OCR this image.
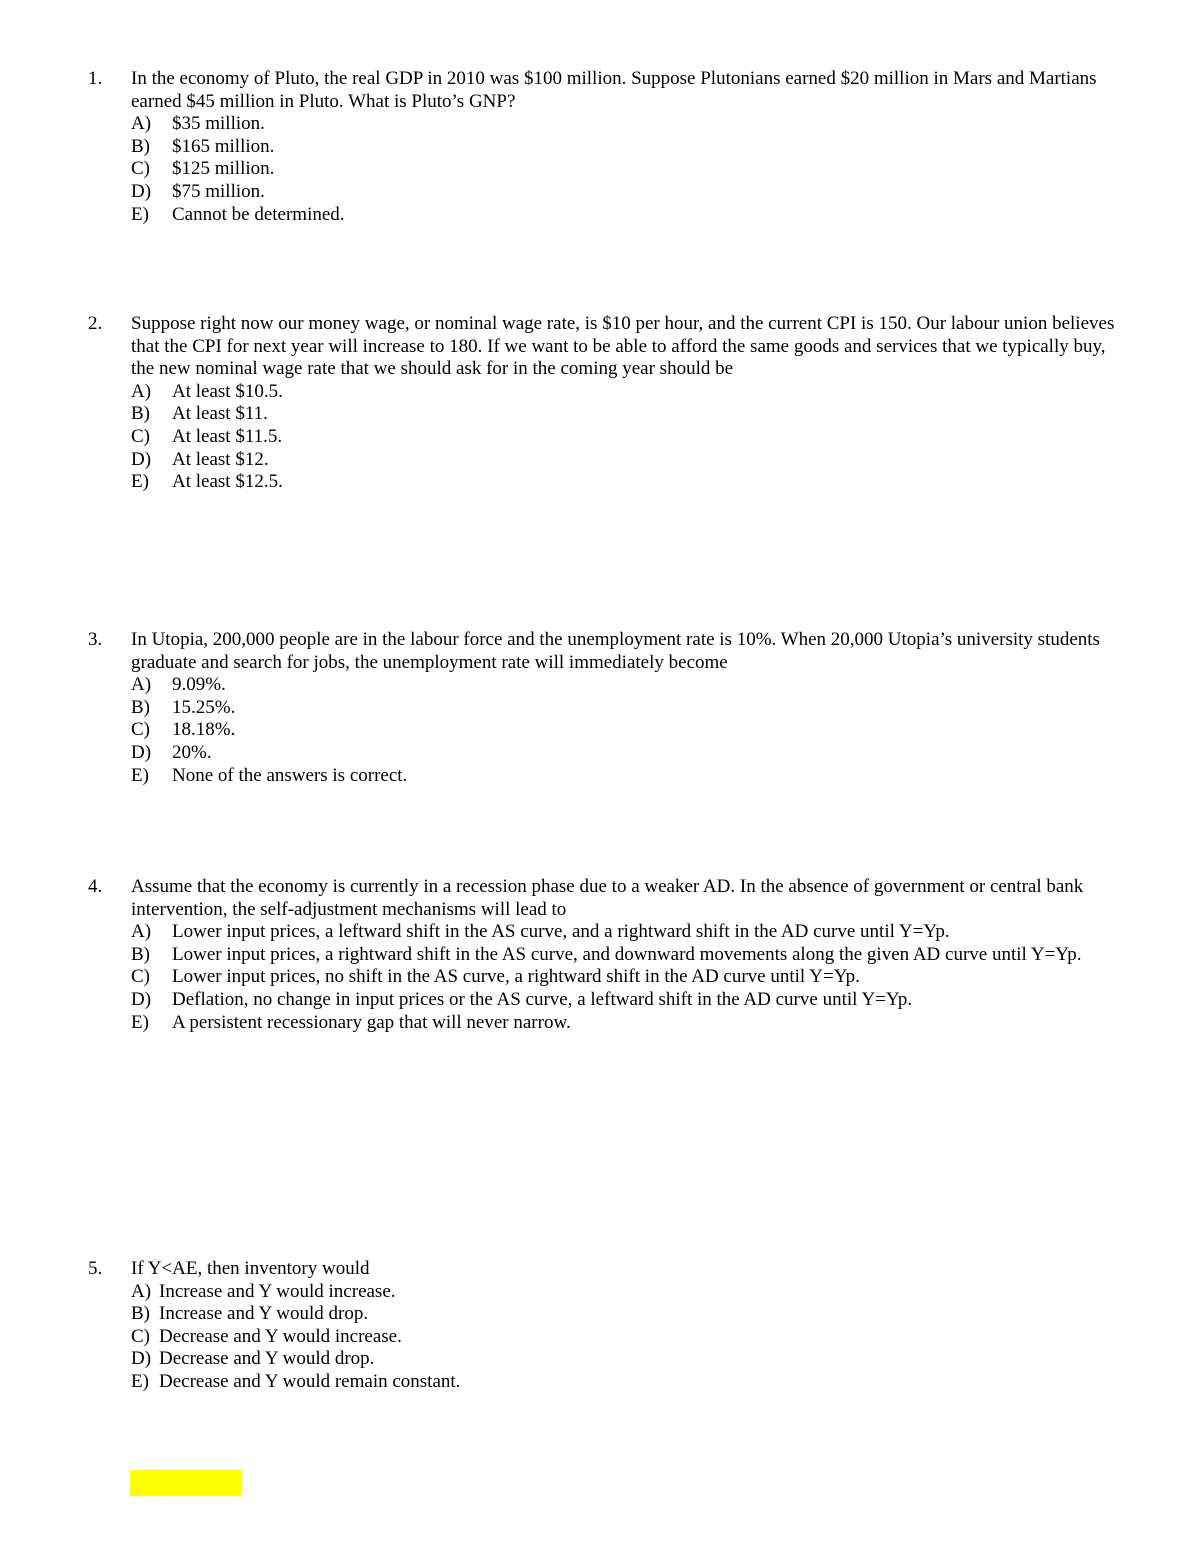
1.	In the economy of Pluto, the real GDP in 2010 was $100 million. Suppose Plutonians earned $20 million in Mars and Martians earned $45 million in Pluto. What is Pluto’s GNP?

A)	$35 million.
B)	$165 million.
C)	$125 million.
D)	$75 million.
E)	Cannot be determined.
2.	Suppose right now our money wage, or nominal wage rate, is $10 per hour, and the current CPI is 150. Our labour union believes that the CPI for next year will increase to 180. If we want to be able to afford the same goods and services that we typically buy, the new nominal wage rate that we should ask for in the coming year should be

A)	At least $10.5.
B)	At least $11.
C)	At least $11.5.
D)	At least $12.
E)	At least $12.5.
3.	In Utopia, 200,000 people are in the labour force and the unemployment rate is 10%. When 20,000 Utopia’s university students graduate and search for jobs, the unemployment rate will immediately become

A)	9.09%.
B)	15.25%.
C)	18.18%.
D)	20%.
E)	None of the answers is correct.
4.	Assume that the economy is currently in a recession phase due to a weaker AD. In the absence of government or central bank intervention, the self-adjustment mechanisms will lead to

A)	Lower input prices, a leftward shift in the AS curve, and a rightward shift in the AD curve until Y=Yp.
B)	Lower input prices, a rightward shift in the AS curve, and downward movements along the given AD curve until Y=Yp.
C)	Lower input prices, no shift in the AS curve, a rightward shift in the AD curve until Y=Yp.
D)	Deflation, no change in input prices or the AS curve, a leftward shift in the AD curve until Y=Yp.
E)	A persistent recessionary gap that will never narrow.
5.	If Y<AE, then inventory would

A) Increase and Y would increase.
B) Increase and Y would drop.
C) Decrease and Y would increase.
D) Decrease and Y would drop.
E) Decrease and Y would remain constant.
